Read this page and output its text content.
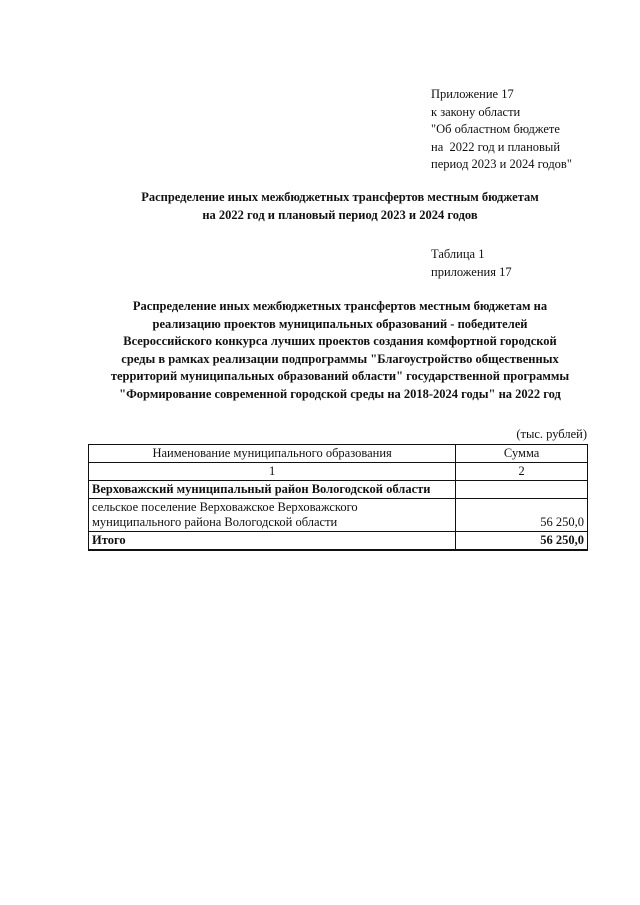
Приложение 17
к закону области
"Об областном бюджете
на  2022 год и плановый
период 2023 и 2024 годов"
Распределение иных межбюджетных трансфертов местным бюджетам
на 2022 год и плановый период 2023 и 2024 годов
Таблица 1
приложения 17
Распределение иных межбюджетных трансфертов местным бюджетам на
реализацию проектов муниципальных образований - победителей
Всероссийского конкурса лучших проектов создания комфортной городской
среды в рамках реализации подпрограммы "Благоустройство общественных
территорий муниципальных образований области" государственной программы
"Формирование современной городской среды на 2018-2024 годы" на 2022 год
(тыс. рублей)
Наименование муниципального образования	Сумма
1	2
Верховажский муниципальный район Вологодской области	

сельское поселение Верховажское Верховажского
муниципального района Вологодской области	56 250,0
Итого	56 250,0
